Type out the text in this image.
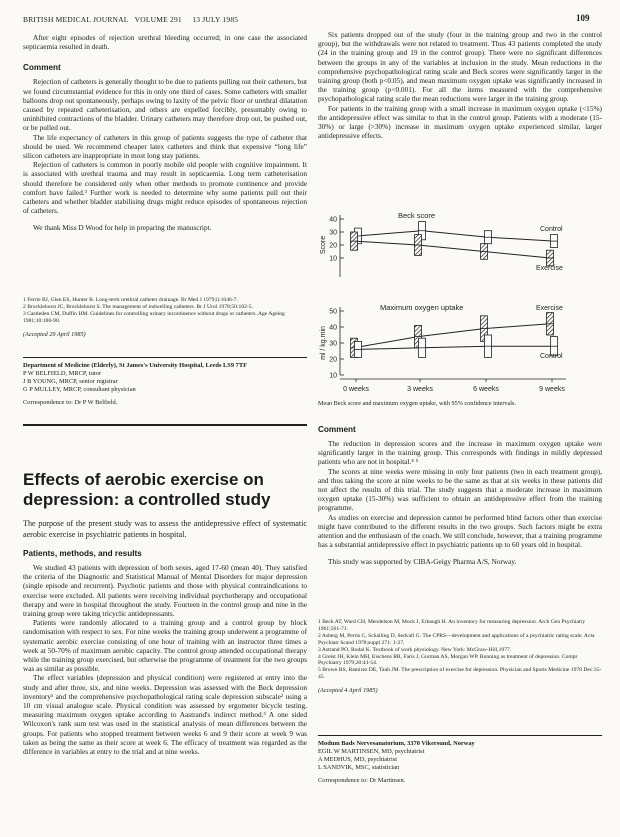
BRITISH MEDICAL JOURNAL VOLUME 291 13 JULY 1985	109

After eight episodes of rejection urethral bleeding occurred; in one case the associated septicaemia resulted in death.

Comment

Rejection of catheters is generally thought to be due to patients pulling out their catheters, but we found circumstantial evidence for this in only one third of cases. Some catheters with smaller balloons drop out spontaneously, perhaps owing to laxity of the pelvic floor or urethral dilatation caused by repeated catheterisation, and others are expelled forcibly, presumably owing to uninhibited contractions of the bladder. Urinary catheters may therefore drop out, be pushed out, or be pulled out.

The life expectancy of catheters in this group of patients suggests the type of catheter that should be used. We recommend cheaper latex catheters and think that expensive “long life” silicon catheters are inappropriate in most long stay patients.

Rejection of catheters is common in poorly mobile old people with cognitive impairment. It is associated with urethral trauma and may result in septicaemia. Long term catheterisation should therefore be considered only when other methods to promote continence and provide comfort have failed.³ Further work is needed to determine why some patients pull out their catheters and whether bladder stabilising drugs might reduce episodes of spontaneous rejection of catheters.

We thank Miss D Wood for help in preparing the manuscript.

1 Ferrie BJ, Glen ES, Hunter B. Long-term urethral catheter drainage. Br Med J 1979;ii:1046-7.

2 Brocklehurst JC, Brocklehurst S. The management of indwelling catheters. Br J Urol 1978;50:102-5.

3 Castleden CM, Duffin HM. Guidelines for controlling urinary incontinence without drugs or catheters. Age Ageing 1981;10:186-90.

(Accepted 29 April 1985)

Department of Medicine (Elderly), St James's University Hospital, Leeds LS9 7TF

P W BELFIELD, MRCP, tutor

J B YOUNG, MRCP, senior registrar

G P MULLEY, MRCP, consultant physician

Correspondence to: Dr P W Belfield.

Effects of aerobic exercise on

depression: a controlled study

The purpose of the present study was to assess the antidepressive effect of systematic aerobic exercise in psychiatric patients in hospital.

Patients, methods, and results

We studied 43 patients with depression of both sexes, aged 17-60 (mean 40). They satisfied the criteria of the Diagnostic and Statistical Manual of Mental Disorders for major depression (single episode and recurrent). Psychotic patients and those with physical contraindications to exercise were excluded. All patients were receiving individual psychotherapy and occupational therapy and were in hospital throughout the study. Fourteen in the control group and nine in the training group were taking tricyclic antidepressants.

Patients were randomly allocated to a training group and a control group by block randomisation with respect to sex. For nine weeks the training group underwent a programme of systematic aerobic exercise consisting of one hour of training with an instructor three times a week at 50-70% of maximum aerobic capacity. The control group attended occupational therapy while the training group exercised, but otherwise the programme of treatment for the two groups was as similar as possible.

The effect variables (depression and physical condition) were registered at entry into the study and after three, six, and nine weeks. Depression was assessed with the Beck depression inventory¹ and the comprehensive psychopathological rating scale depression subscale² using a 10 cm visual analogue scale. Physical condition was assessed by ergometer bicycle testing, measuring maximum oxygen uptake according to Aastrand's indirect method.³ A one sided Wilcoxon's rank sum test was used in the statistical analysis of mean differences between the groups. For patients who stopped treatment between weeks 6 and 9 their score at week 9 was taken as being the same as their score at week 6. The efficacy of treatment was regarded as the difference in variables at entry to the trial and at nine weeks.

Six patients dropped out of the study (four in the training group and two in the control group), but the withdrawals were not related to treatment. Thus 43 patients completed the study (24 in the training group and 19 in the control group). There were no significant differences between the groups in any of the variables at inclusion in the study. Mean reductions in the comprehensive psychopathological rating scale and Beck scores were significantly larger in the training group (both p<0.05), and mean maximum oxygen uptake was significantly increased in the training group (p<0.001). For all the items measured with the comprehensive psychopathological rating scale the mean reductions were larger in the training group.

For patients in the training group with a small increase in maximum oxygen uptake (<15%) the antidepressive effect was similar to that in the control group. Patients with a moderate (15-30%) or large (>30%) increase in maximum oxygen uptake experienced similar, larger antidepressive effects.

40
30
20
10
Score
Beck score
Control
Exercise
50
40
30
20
10
ml / kg.min
Maximum oxygen uptake	Exercise
Control
0 weeks	3 weeks	6 weeks	9 weeks

Mean Beck score and maximum oxygen uptake, with 95% confidence intervals.

Comment

The reduction in depression scores and the increase in maximum oxygen uptake were significantly larger in the training group. This corresponds with findings in mildly depressed patients who are not in hospital.⁴ ⁵

The scores at nine weeks were missing in only four patients (two in each treatment group), and thus taking the score at nine weeks to be the same as that at six weeks in these patients did not affect the results of this trial. The study suggests that a moderate increase in maximum oxygen uptake (15-30%) was sufficient to obtain an antidepressive effect from the training programme.

As studies on exercise and depression cannot be performed blind factors other than exercise might have contributed to the different results in the two groups. Such factors might be extra attention and the enthusiasm of the coach. We still conclude, however, that a training programme has a substantial antidepressive effect in psychiatric patients up to 60 years old in hospital.

This study was supported by CIBA-Geigy Pharma A/S, Norway.

1 Beck AT, Ward CH, Mendelson M, Mock J, Erbaugh H. An inventory for measuring depression. Arch Gen Psychiatry 1961;561-71.

2 Asberg M, Perris C, Schalling D, Sedvall G. The CPRS—development and applications of a psychiatric rating scale. Acta Psychiatr Scand 1978;suppl 271: 1-27.

3 Astrand PO, Rodal K. Textbook of work physiology. New York: McGraw-Hill,1977.

4 Greist JH, Klein MH, Eischens RR, Faris J, Gurman AS, Morgan WP. Running as treatment of depression. Compr Psychiatry 1979;20:41-54.

5 Brown RS, Ramirez DE, Taub JM. The prescription of exercise for depression. Physician and Sports Medicine 1978 Dec:35-45.

(Accepted 4 April 1985)

Modum Bads Nervesanatorium, 3370 Vikersund, Norway

EGIL W MARTINSEN, MD, psychiatrist

A MEDHUS, MD, psychiatrist

L SANDVIK, MSC, statistician

Correspondence to: Dr Martinsen.
